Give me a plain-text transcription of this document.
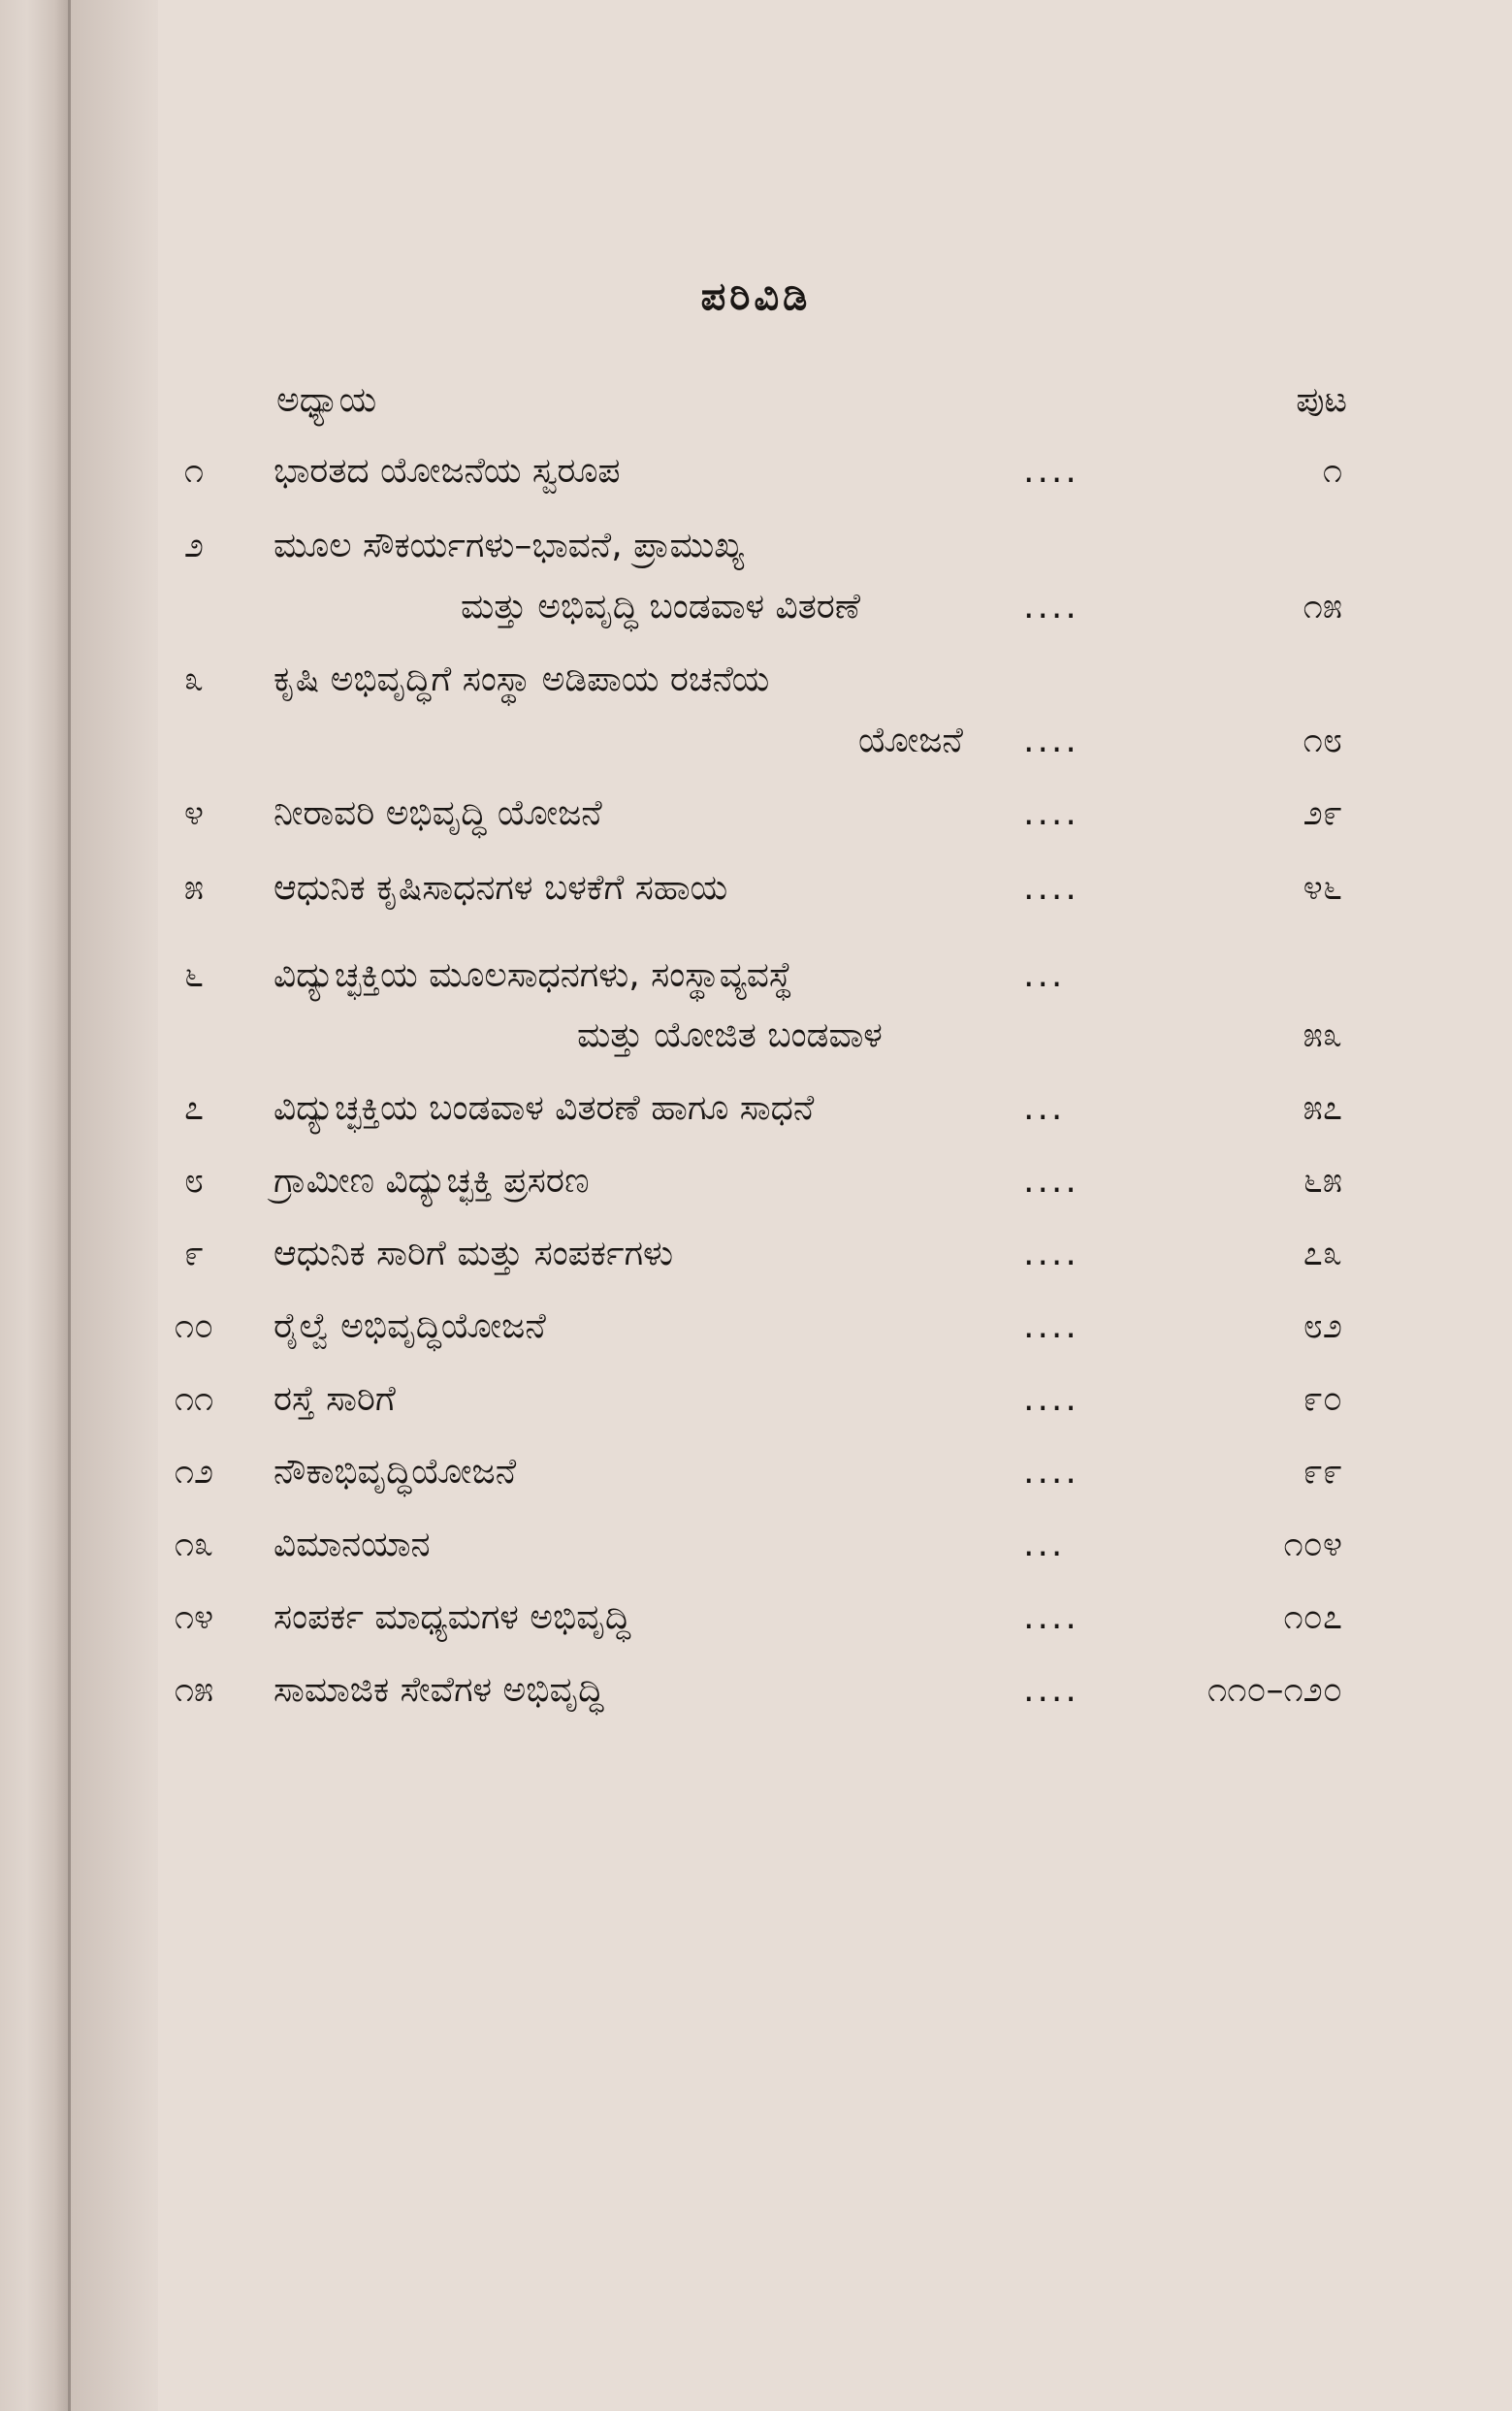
ಪರಿವಿಡಿ
ಅಧ್ಯಾಯ	ಪುಟ
೧	ಭಾರತದ ಯೋಜನೆಯ ಸ್ವರೂಪ	....	೧
೨	ಮೂಲ ಸೌಕರ್ಯಗಳು–ಭಾವನೆ, ಪ್ರಾಮುಖ್ಯ
ಮತ್ತು ಅಭಿವೃದ್ಧಿ ಬಂಡವಾಳ ವಿತರಣೆ	....	೧೫
೩	ಕೃಷಿ ಅಭಿವೃದ್ಧಿಗೆ ಸಂಸ್ಥಾ ಅಡಿಪಾಯ ರಚನೆಯ
ಯೋಜನೆ ....	೧೮
೪	ನೀರಾವರಿ ಅಭಿವೃದ್ಧಿ ಯೋಜನೆ	....	೨೯
೫	ಆಧುನಿಕ ಕೃಷಿಸಾಧನಗಳ ಬಳಕೆಗೆ ಸಹಾಯ	....	೪೬
೬	ವಿದ್ಯುಚ್ಛಕ್ತಿಯ ಮೂಲಸಾಧನಗಳು, ಸಂಸ್ಥಾವ್ಯವಸ್ಥೆ	...
ಮತ್ತು ಯೋಜಿತ ಬಂಡವಾಳ	೫೩
೭	ವಿದ್ಯುಚ್ಛಕ್ತಿಯ ಬಂಡವಾಳ ವಿತರಣೆ ಹಾಗೂ ಸಾಧನೆ	...	೫೭
೮	ಗ್ರಾಮೀಣ ವಿದ್ಯುಚ್ಛಕ್ತಿ ಪ್ರಸರಣ	....	೬೫
೯	ಆಧುನಿಕ ಸಾರಿಗೆ ಮತ್ತು ಸಂಪರ್ಕಗಳು	....	೭೩
೧೦	ರೈಲ್ವೆ ಅಭಿವೃದ್ಧಿಯೋಜನೆ	....	೮೨
೧೧	ರಸ್ತೆ ಸಾರಿಗೆ	....	೯೦
೧೨	ನೌಕಾಭಿವೃದ್ಧಿಯೋಜನೆ	....	೯೯
೧೩	ವಿಮಾನಯಾನ	...	೧೦೪
೧೪	ಸಂಪರ್ಕ ಮಾಧ್ಯಮಗಳ ಅಭಿವೃದ್ಧಿ	....	೧೦೭
೧೫	ಸಾಮಾಜಿಕ ಸೇವೆಗಳ ಅಭಿವೃದ್ಧಿ	....	೧೧೦–೧೨೦
